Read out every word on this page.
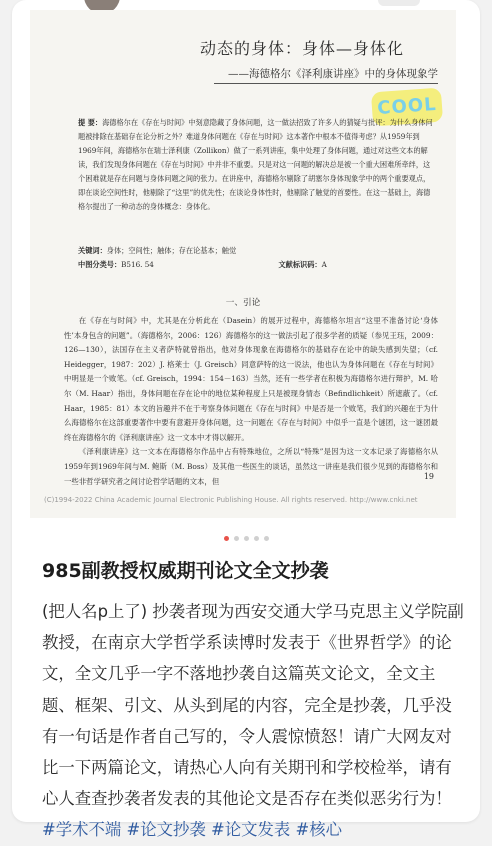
动态的身体：身体—身体化
——海德格尔《泽利康讲座》中的身体现象学
COOL
提 要：海德格尔在《存在与时间》中刻意隐藏了身体问题，这一做法招致了许多人的猜疑与批评：为什么身体问题被排除在基础存在论分析之外？难道身体问题在《存在与时间》这本著作中根本不值得考虑？从1959年到1969年间，海德格尔在瑞士泽利康（Zollikon）做了一系列讲座，集中处理了身体问题，通过对这些文本的解读，我们发现身体问题在《存在与时间》中并非不重要。只是对这一问题的解决总是被一个重大困难所牵绊，这个困难就是存在问题与身体问题之间的张力。在讲座中，海德格尔剔除了胡塞尔身体现象学中的两个重要观点，即在谈论空间性时，他剔除了“这里”的优先性；在谈论身体性时，他剔除了触觉的首要性。在这一基础上，海德格尔提出了一种动态的身体概念：身体化。
关键词：身体；空间性；触体；存在论基本；触觉
中图分类号：B516. 54	文献标识码：A
一、引论

在《存在与时间》中，尤其是在分析此在（Dasein）的展开过程中，海德格尔坦言“这里不准备讨论‘身体性’本身包含的问题”。（海德格尔，2006：126）海德格尔的这一做法引起了很多学者的质疑（参见王珏，2009：126—130），法国存在主义者萨特就曾指出，他对身体现象在海德格尔的基础存在论中的缺失感到失望；（cf. Heidegger，1987：202）J. 格莱士（J. Greisch）同意萨特的这一说法，他也认为身体问题在《存在与时间》中明显是一个败笔。（cf. Greisch，1994：154－163）当然，还有一些学者在积极为海德格尔进行辩护，M. 哈尔（M. Haar）指出，身体问题在存在论中的地位某种程度上只是被现身情态（Befindlichkeit）所遮蔽了。（cf. Haar，1985：81）本文的旨趣并不在于考察身体问题在《存在与时间》中是否是一个败笔，我们的兴趣在于为什么海德格尔在这部重要著作中要有意避开身体问题，这一问题在《存在与时间》中似乎一直是个谜团，这一谜团最终在海德格尔的《泽利康讲座》这一文本中才得以解开。

《泽利康讲座》这一文本在海德格尔作品中占有特殊地位，之所以“特殊”是因为这一文本记录了海德格尔从1959年到1969年间与M. 鲍斯（M. Boss）及其他一些医生的谈话，虽然这一讲座是我们很少见到的海德格尔和一些非哲学研究者之间讨论哲学话题的文本，但

19
(C)1994-2022 China Academic Journal Electronic Publishing House. All rights reserved. http://www.cnki.net
985副教授权威期刊论文全文抄袭
(把人名p上了) 抄袭者现为西安交通大学马克思主义学院副教授，在南京大学哲学系读博时发表于《世界哲学》的论文，全文几乎一字不落地抄袭自这篇英文论文，全文主题、框架、引文、从头到尾的内容，完全是抄袭，几乎没有一句话是作者自己写的，令人震惊愤怒！请广大网友对比一下两篇论文，请热心人向有关期刊和学校检举，请有心人查查抄袭者发表的其他论文是否存在类似恶劣行为！ #学术不端 #论文抄袭 #论文发表 #核心
